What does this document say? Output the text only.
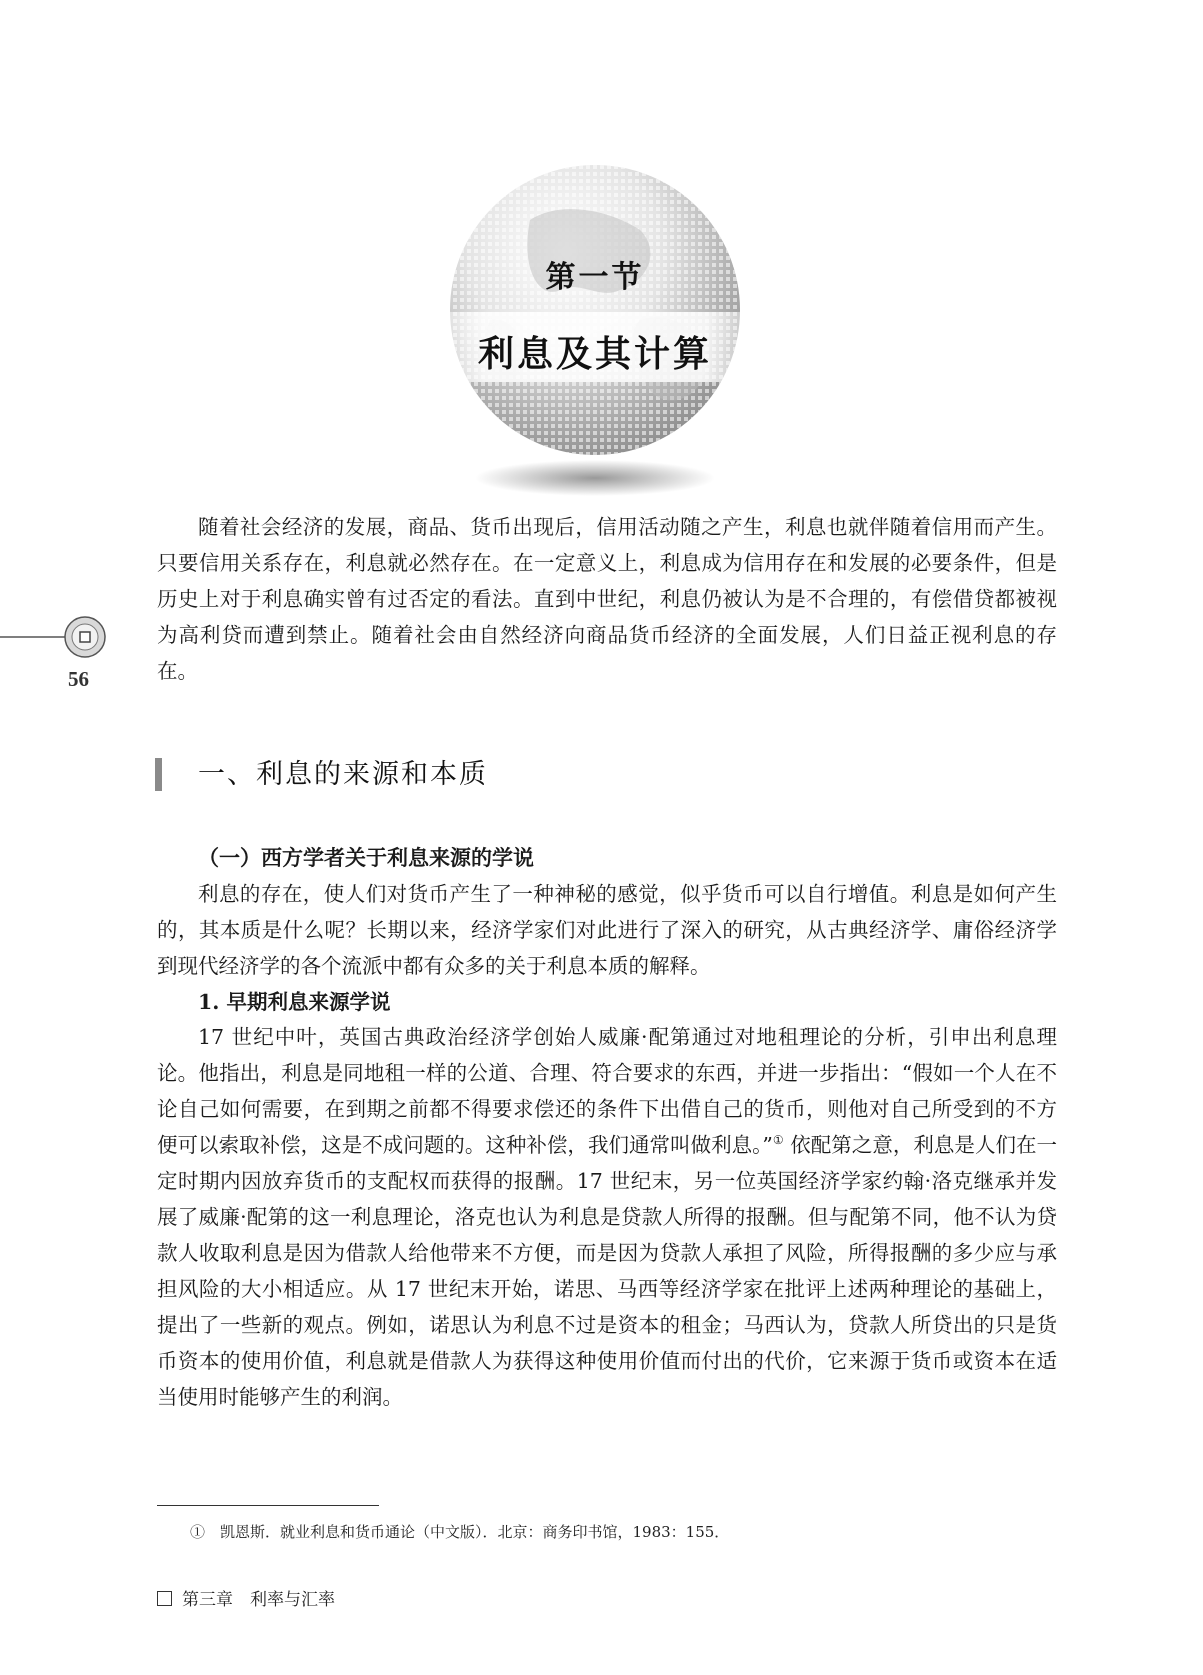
第一节
利息及其计算

随着社会经济的发展，商品、货币出现后，信用活动随之产生，利息也就伴随着信用而产生。只要信用关系存在，利息就必然存在。在一定意义上，利息成为信用存在和发展的必要条件，但是历史上对于利息确实曾有过否定的看法。直到中世纪，利息仍被认为是不合理的，有偿借贷都被视为高利贷而遭到禁止。随着社会由自然经济向商品货币经济的全面发展，人们日益正视利息的存在。

56
一、利息的来源和本质
（一）西方学者关于利息来源的学说

利息的存在，使人们对货币产生了一种神秘的感觉，似乎货币可以自行增值。利息是如何产生的，其本质是什么呢？长期以来，经济学家们对此进行了深入的研究，从古典经济学、庸俗经济学到现代经济学的各个流派中都有众多的关于利息本质的解释。

1. 早期利息来源学说

17 世纪中叶，英国古典政治经济学创始人威廉·配第通过对地租理论的分析，引申出利息理论。他指出，利息是同地租一样的公道、合理、符合要求的东西，并进一步指出：“假如一个人在不论自己如何需要，在到期之前都不得要求偿还的条件下出借自己的货币，则他对自己所受到的不方便可以索取补偿，这是不成问题的。这种补偿，我们通常叫做利息。”① 依配第之意，利息是人们在一定时期内因放弃货币的支配权而获得的报酬。17 世纪末，另一位英国经济学家约翰·洛克继承并发展了威廉·配第的这一利息理论，洛克也认为利息是贷款人所得的报酬。但与配第不同，他不认为贷款人收取利息是因为借款人给他带来不方便，而是因为贷款人承担了风险，所得报酬的多少应与承担风险的大小相适应。从 17 世纪末开始，诺思、马西等经济学家在批评上述两种理论的基础上，提出了一些新的观点。例如，诺思认为利息不过是资本的租金；马西认为，贷款人所贷出的只是货币资本的使用价值，利息就是借款人为获得这种使用价值而付出的代价，它来源于货币或资本在适当使用时能够产生的利润。

①　凯恩斯．就业利息和货币通论（中文版）．北京：商务印书馆，1983：155．
第三章　利率与汇率
